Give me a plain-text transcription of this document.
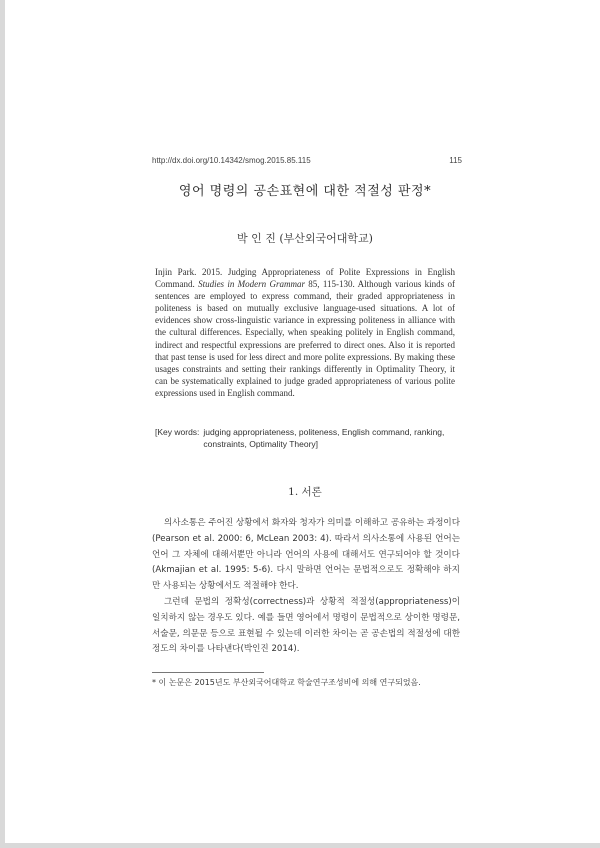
http://dx.doi.org/10.14342/smog.2015.85.115	115
영어 명령의 공손표현에 대한 적절성 판정*
박 인 진 (부산외국어대학교)

Injin Park. 2015. Judging Appropriateness of Polite Expressions in English Command. Studies in Modern Grammar 85, 115-130. Although various kinds of sentences are employed to express command, their graded appropriateness in politeness is based on mutually exclusive language-used situations. A lot of evidences show cross-linguistic variance in expressing politeness in alliance with the cultural differences. Especially, when speaking politely in English command, indirect and respectful expressions are preferred to direct ones. Also it is reported that past tense is used for less direct and more polite expressions. By making these usages constraints and setting their rankings differently in Optimality Theory, it can be systematically explained to judge graded appropriateness of various polite expressions used in English command.

[Key words: judging appropriateness, politeness, English command, ranking, constraints, Optimality Theory]
1. 서론

의사소통은 주어진 상황에서 화자와 청자가 의미를 이해하고 공유하는 과정이다(Pearson et al. 2000: 6, McLean 2003: 4). 따라서 의사소통에 사용된 언어는 언어 그 자체에 대해서뿐만 아니라 언어의 사용에 대해서도 연구되어야 할 것이다(Akmajian et al. 1995: 5-6). 다시 말하면 언어는 문법적으로도 정확해야 하지만 사용되는 상황에서도 적절해야 한다.

그런데 문법의 정확성(correctness)과 상황적 적절성(appropriateness)이 일치하지 않는 경우도 있다. 예를 들면 영어에서 명령이 문법적으로 상이한 명령문, 서술문, 의문문 등으로 표현될 수 있는데 이러한 차이는 곧 공손법의 적절성에 대한 정도의 차이를 나타낸다(박인진 2014).

* 이 논문은 2015년도 부산외국어대학교 학술연구조성비에 의해 연구되었음.
